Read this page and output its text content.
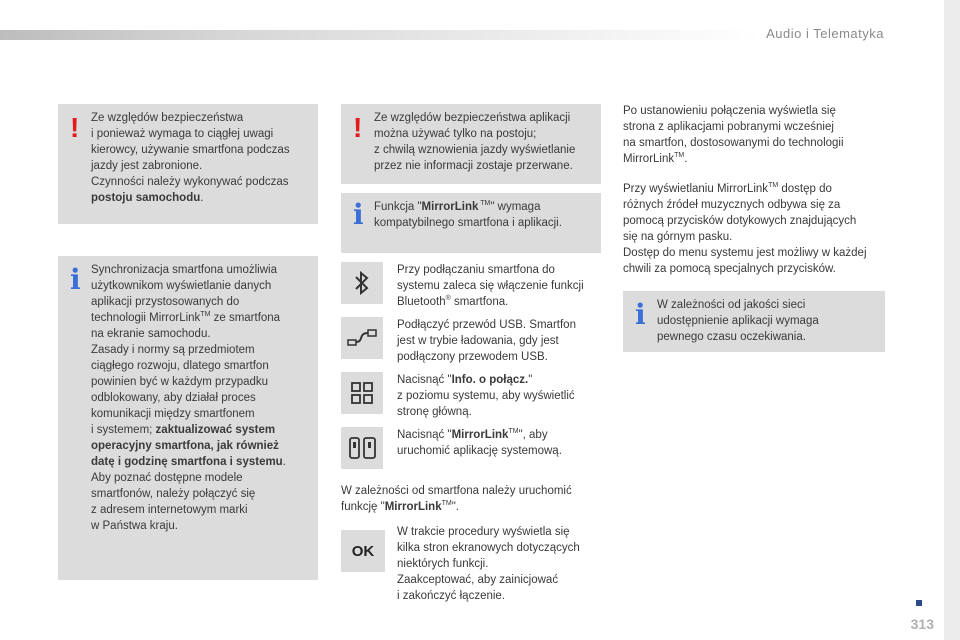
Audio i Telematyka
! Ze względów bezpieczeństwa
i ponieważ wymaga to ciągłej uwagi
kierowcy, używanie smartfona podczas
jazdy jest zabronione.
Czynności należy wykonywać podczas
postoju samochodu.
i Synchronizacja smartfona umożliwia
użytkownikom wyświetlanie danych
aplikacji przystosowanych do
technologii MirrorLink™ ze smartfona
na ekranie samochodu.
Zasady i normy są przedmiotem
ciągłego rozwoju, dlatego smartfon
powinien być w każdym przypadku
odblokowany, aby działał proces
komunikacji między smartfonem
i systemem; zaktualizować system
operacyjny smartfona, jak również
datę i godzinę smartfona i systemu.
Aby poznać dostępne modele
smartfonów, należy połączyć się
z adresem internetowym marki
w Państwa kraju.
! Ze względów bezpieczeństwa aplikacji
można używać tylko na postoju;
z chwilą wznowienia jazdy wyświetlanie
przez nie informacji zostaje przerwane.
i Funkcja "MirrorLink ™" wymaga
kompatybilnego smartfona i aplikacji.
Przy podłączaniu smartfona do
systemu zaleca się włączenie funkcji
Bluetooth® smartfona.
Podłączyć przewód USB. Smartfon
jest w trybie ładowania, gdy jest
podłączony przewodem USB.
Nacisnąć "Info. o połącz."
z poziomu systemu, aby wyświetlić
stronę główną.
Nacisnąć "MirrorLink™", aby
uruchomić aplikację systemową.
W zależności od smartfona należy uruchomić
funkcję "MirrorLink™".
OK
W trakcie procedury wyświetla się
kilka stron ekranowych dotyczących
niektórych funkcji.
Zaakceptować, aby zainicjować
i zakończyć łączenie.
Po ustanowieniu połączenia wyświetla się
strona z aplikacjami pobranymi wcześniej
na smartfon, dostosowanymi do technologii
MirrorLink™.
Przy wyświetlaniu MirrorLink™ dostęp do
różnych źródeł muzycznych odbywa się za
pomocą przycisków dotykowych znajdujących
się na górnym pasku.
Dostęp do menu systemu jest możliwy w każdej
chwili za pomocą specjalnych przycisków.
i W zależności od jakości sieci
udostępnienie aplikacji wymaga
pewnego czasu oczekiwania.
313
